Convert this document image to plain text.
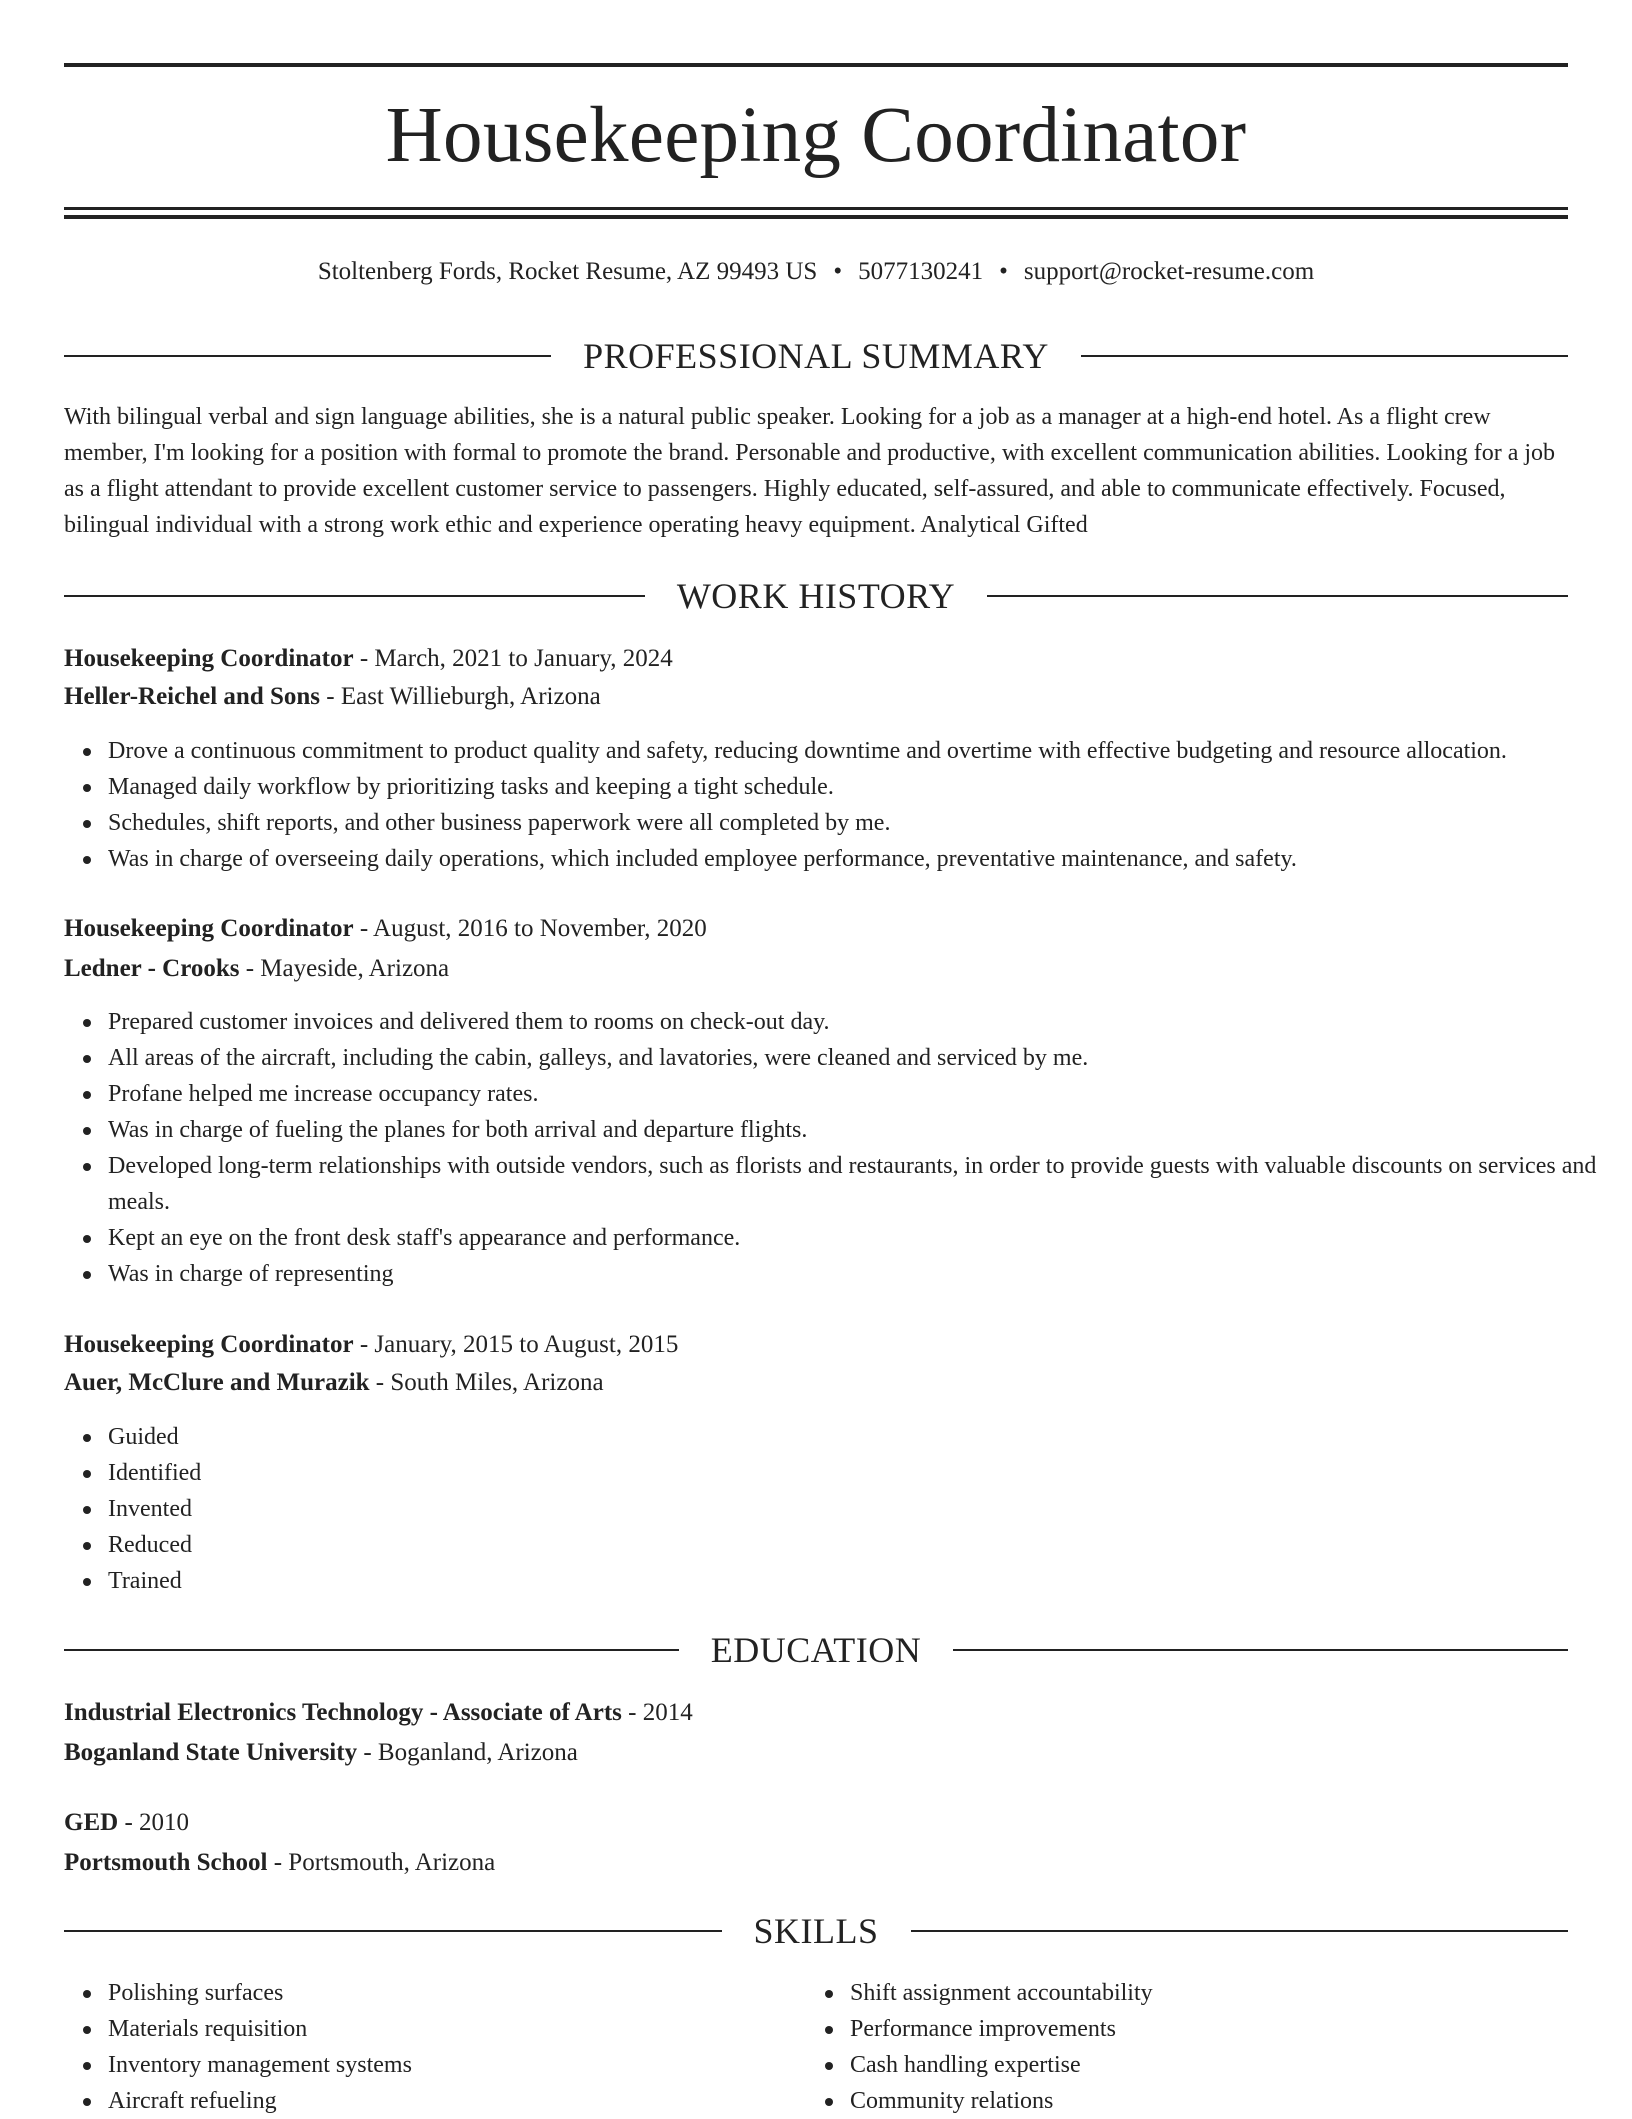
Housekeeping Coordinator
Stoltenberg Fords, Rocket Resume, AZ 99493 US • 5077130241 • support@rocket-resume.com
PROFESSIONAL SUMMARY

With bilingual verbal and sign language abilities, she is a natural public speaker. Looking for a job as a manager at a high-end hotel. As a flight crew member, I'm looking for a position with formal to promote the brand. Personable and productive, with excellent communication abilities. Looking for a job as a flight attendant to provide excellent customer service to passengers. Highly educated, self-assured, and able to communicate effectively. Focused, bilingual individual with a strong work ethic and experience operating heavy equipment. Analytical Gifted

WORK HISTORY
Housekeeping Coordinator - March, 2021 to January, 2024
Heller-Reichel and Sons - East Willieburgh, Arizona
Drove a continuous commitment to product quality and safety, reducing downtime and overtime with effective budgeting and resource allocation.
Managed daily workflow by prioritizing tasks and keeping a tight schedule.
Schedules, shift reports, and other business paperwork were all completed by me.
Was in charge of overseeing daily operations, which included employee performance, preventative maintenance, and safety.
Housekeeping Coordinator - August, 2016 to November, 2020
Ledner - Crooks - Mayeside, Arizona
Prepared customer invoices and delivered them to rooms on check-out day.
All areas of the aircraft, including the cabin, galleys, and lavatories, were cleaned and serviced by me.
Profane helped me increase occupancy rates.
Was in charge of fueling the planes for both arrival and departure flights.
Developed long-term relationships with outside vendors, such as florists and restaurants, in order to provide guests with valuable discounts on services and meals.
Kept an eye on the front desk staff's appearance and performance.
Was in charge of representing
Housekeeping Coordinator - January, 2015 to August, 2015
Auer, McClure and Murazik - South Miles, Arizona
Guided
Identified
Invented
Reduced
Trained
EDUCATION
Industrial Electronics Technology - Associate of Arts - 2014
Boganland State University - Boganland, Arizona
GED - 2010
Portsmouth School - Portsmouth, Arizona
SKILLS
Polishing surfaces
Materials requisition
Inventory management systems
Aircraft refueling
Shift assignment accountability
Performance improvements
Cash handling expertise
Community relations
